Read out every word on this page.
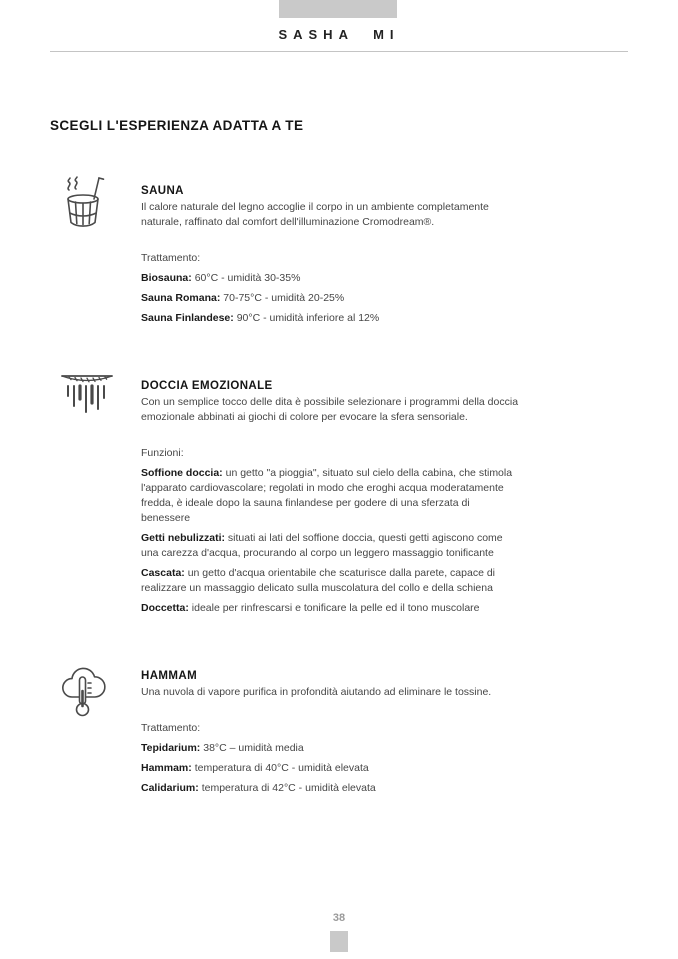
SASHA MI
SCEGLI L'ESPERIENZA ADATTA A TE
SAUNA

Il calore naturale del legno accoglie il corpo in un ambiente completamente naturale, raffinato dal comfort dell'illuminazione Cromodream®.

Trattamento:

Biosauna: 60°C - umidità 30-35%

Sauna Romana: 70-75°C - umidità 20-25%

Sauna Finlandese: 90°C - umidità inferiore al 12%

DOCCIA EMOZIONALE

Con un semplice tocco delle dita è possibile selezionare i programmi della doccia emozionale abbinati ai giochi di colore per evocare la sfera sensoriale.

Funzioni:

Soffione doccia: un getto "a pioggia", situato sul cielo della cabina, che stimola l'apparato cardiovascolare; regolati in modo che eroghi acqua moderatamente fredda, è ideale dopo la sauna finlandese per godere di una sferzata di benessere

Getti nebulizzati: situati ai lati del soffione doccia, questi getti agiscono come una carezza d'acqua, procurando al corpo un leggero massaggio tonificante

Cascata: un getto d'acqua orientabile che scaturisce dalla parete, capace di realizzare un massaggio delicato sulla muscolatura del collo e della schiena

Doccetta: ideale per rinfrescarsi e tonificare la pelle ed il tono muscolare

HAMMAM

Una nuvola di vapore purifica in profondità aiutando ad eliminare le tossine.

Trattamento:

Tepidarium: 38°C – umidità media

Hammam: temperatura di 40°C - umidità elevata

Calidarium: temperatura di 42°C - umidità elevata

38
